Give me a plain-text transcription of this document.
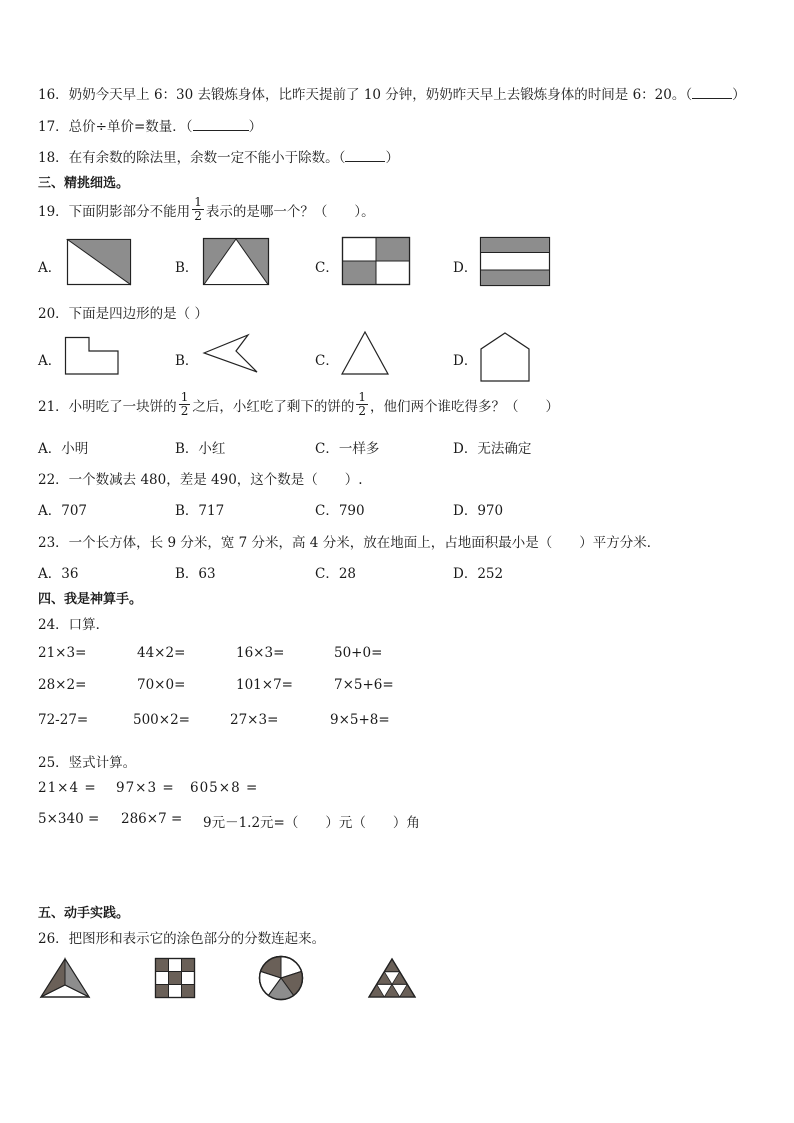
16．奶奶今天早上 6：30 去锻炼身体，比昨天提前了 10 分钟，奶奶昨天早上去锻炼身体的时间是 6：20。（	）
17．总价÷单价=数量．（	）
18．在有余数的除法里，余数一定不能小于除数。（	）
三、精挑细选。
19．下面阴影部分不能用 $\frac{1}{2}$ 表示的是哪一个？（　　）。
A．	B．	C．	D．
20．下面是四边形的是（ ）
A．	B．	C．	D．
21．小明吃了一块饼的 $\frac{1}{2}$ 之后，小红吃了剩下的饼的 $\frac{1}{2}$ ，他们两个谁吃得多？（　　）
A．小明	B．小红	C．一样多	D．无法确定
22．一个数减去 480，差是 490，这个数是（　　）.
A．707	B．717	C．790	D．970
23．一个长方体，长 9 分米，宽 7 分米，高 4 分米，放在地面上，占地面积最小是（　　）平方分米．
A．36	B．63	C．28	D．252
四、我是神算手。
24．口算．
21×3=	44×2=	16×3=	50+0=
28×2=	70×0=	101×7=	7×5+6=
72-27=	500×2=	27×3=	9×5+8=
25．竖式计算。
21×4 = 97×3 = 605×8 =
5×340 = 286×7 = 9元－1.2元=（　　）元（　　）角
五、动手实践。
26．把图形和表示它的涂色部分的分数连起来。
